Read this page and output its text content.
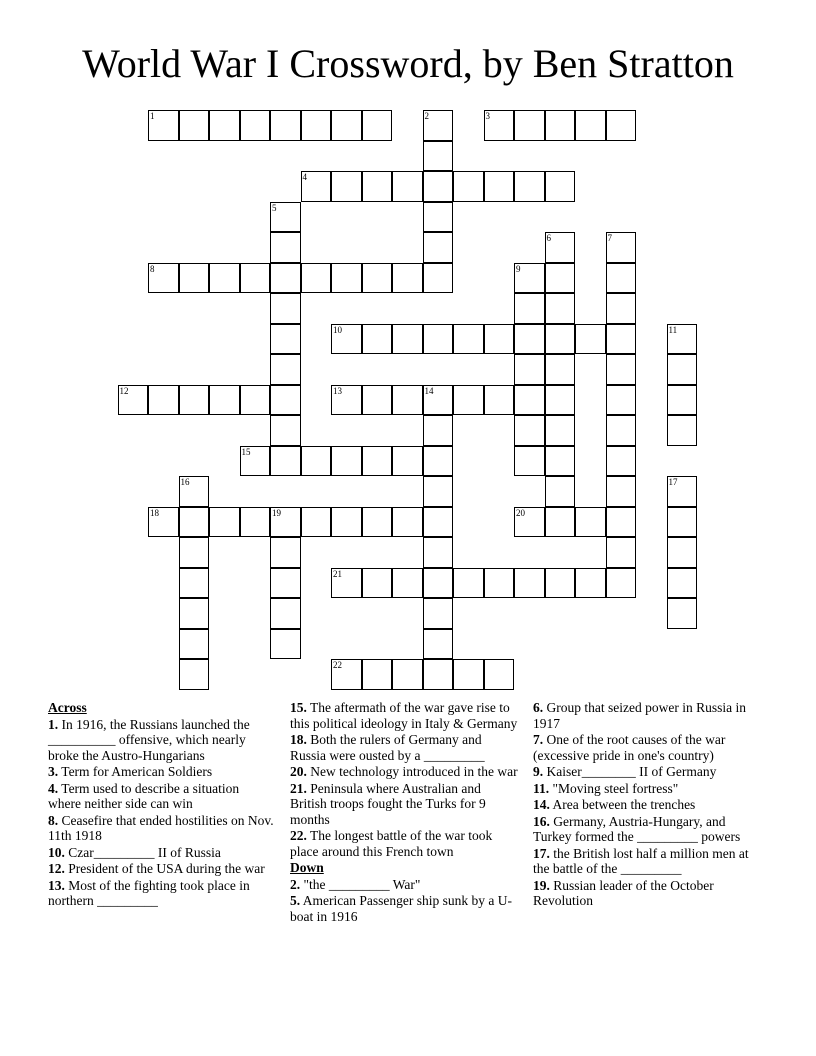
World War I Crossword, by Ben Stratton
1	2	3
4
5
6	7
8	9
10	11
12	13	14
15
16	17
18	19	20
21
22
Across
1. In 1916, the Russians launched the __________ offensive, which nearly broke the Austro-Hungarians
3. Term for American Soldiers
4. Term used to describe a situation where neither side can win
8. Ceasefire that ended hostilities on Nov. 11th 1918
10. Czar_________ II of Russia
12. President of the USA during the war
13. Most of the fighting took place in northern _________
15. The aftermath of the war gave rise to this political ideology in Italy & Germany
18. Both the rulers of Germany and Russia were ousted by a _________
20. New technology introduced in the war
21. Peninsula where Australian and British troops fought the Turks for 9 months
22. The longest battle of the war took place around this French town
Down
2. "the _________ War"
5. American Passenger ship sunk by a U-boat in 1916
6. Group that seized power in Russia in 1917
7. One of the root causes of the war (excessive pride in one's country)
9. Kaiser________ II of Germany
11. "Moving steel fortress"
14. Area between the trenches
16. Germany, Austria-Hungary, and Turkey formed the _________ powers
17. the British lost half a million men at the battle of the _________
19. Russian leader of the October Revolution
